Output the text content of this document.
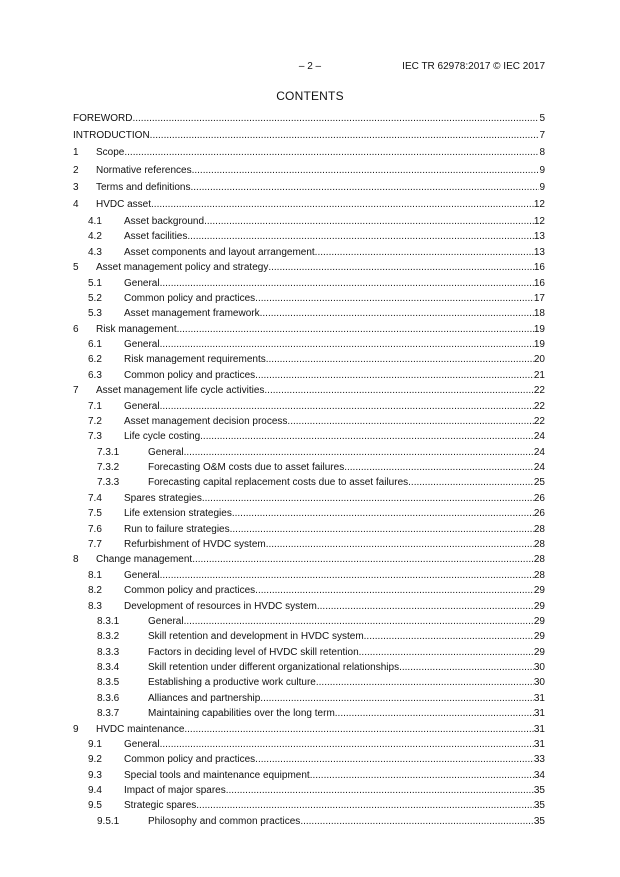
– 2 –	IEC TR 62978:2017 © IEC 2017
CONTENTS
FOREWORD .....	5
INTRODUCTION .....	7
1 Scope .....	8
2 Normative references .....	9
3 Terms and definitions .....	9
4 HVDC asset .....	12
4.1 Asset background .....	12
4.2 Asset facilities .....	13
4.3 Asset components and layout arrangement .....	13
5 Asset management policy and strategy .....	16
5.1 General .....	16
5.2 Common policy and practices .....	17
5.3 Asset management framework .....	18
6 Risk management .....	19
6.1 General .....	19
6.2 Risk management requirements .....	20
6.3 Common policy and practices .....	21
7 Asset management life cycle activities .....	22
7.1 General .....	22
7.2 Asset management decision process .....	22
7.3 Life cycle costing .....	24
7.3.1	General .....	24
7.3.2	Forecasting O&M costs due to asset failures .....	24
7.3.3	Forecasting capital replacement costs due to asset failures .....	25
7.4 Spares strategies .....	26
7.5 Life extension strategies .....	26
7.6 Run to failure strategies .....	28
7.7 Refurbishment of HVDC system .....	28
8 Change management .....	28
8.1 General .....	28
8.2 Common policy and practices .....	29
8.3 Development of resources in HVDC system .....	29
8.3.1	General .....	29
8.3.2	Skill retention and development in HVDC system .....	29
8.3.3	Factors in deciding level of HVDC skill retention .....	29
8.3.4	Skill retention under different organizational relationships .....	30
8.3.5	Establishing a productive work culture .....	30
8.3.6	Alliances and partnership .....	31
8.3.7	Maintaining capabilities over the long term .....	31
9 HVDC maintenance .....	31
9.1 General .....	31
9.2 Common policy and practices .....	33
9.3 Special tools and maintenance equipment .....	34
9.4 Impact of major spares .....	35
9.5 Strategic spares .....	35
9.5.1	Philosophy and common practices .....	35
